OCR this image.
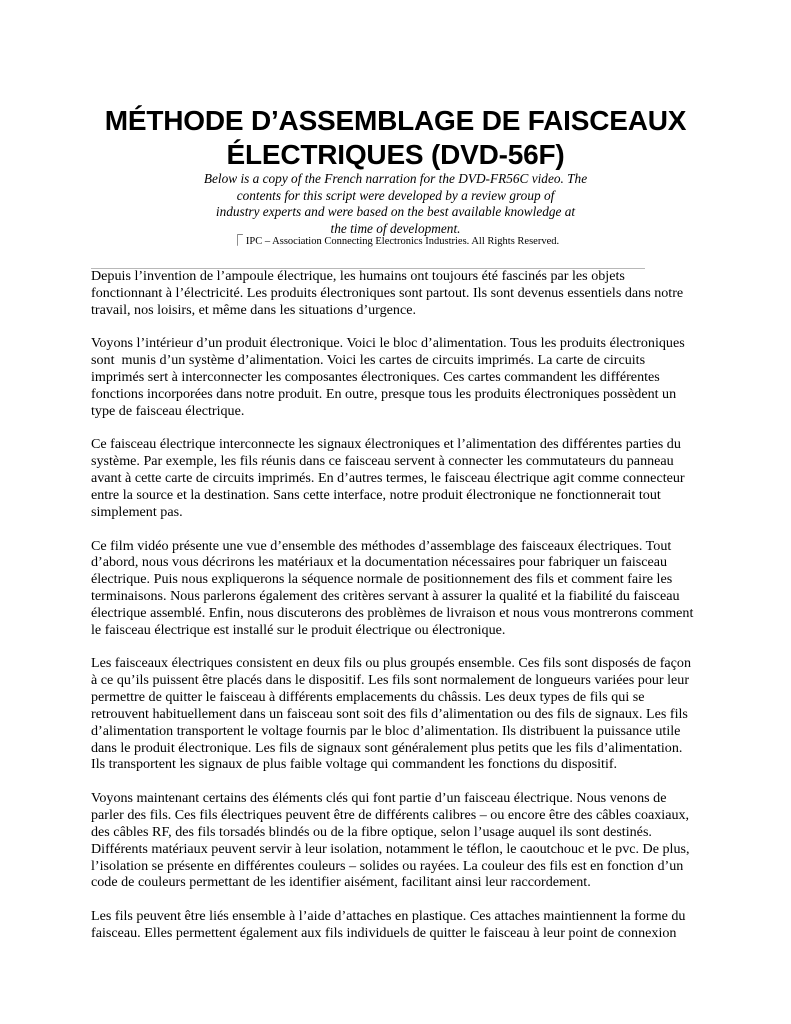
MÉTHODE D’ASSEMBLAGE DE FAISCEAUX
ÉLECTRIQUES (DVD-56F)
Below is a copy of the French narration for the DVD-FR56C video. The
contents for this script were developed by a review group of
industry experts and were based on the best available knowledge at
the time of development.
⎾ IPC – Association Connecting Electronics Industries. All Rights Reserved.
Depuis l’invention de l’ampoule électrique, les humains ont toujours été fascinés par les objets
fonctionnant à l’électricité. Les produits électroniques sont partout. Ils sont devenus essentiels dans notre
travail, nos loisirs, et même dans les situations d’urgence.
Voyons l’intérieur d’un produit électronique. Voici le bloc d’alimentation. Tous les produits électroniques
sont  munis d’un système d’alimentation. Voici les cartes de circuits imprimés. La carte de circuits
imprimés sert à interconnecter les composantes électroniques. Ces cartes commandent les différentes
fonctions incorporées dans notre produit. En outre, presque tous les produits électroniques possèdent un
type de faisceau électrique.
Ce faisceau électrique interconnecte les signaux électroniques et l’alimentation des différentes parties du
système. Par exemple, les fils réunis dans ce faisceau servent à connecter les commutateurs du panneau
avant à cette carte de circuits imprimés. En d’autres termes, le faisceau électrique agit comme connecteur
entre la source et la destination. Sans cette interface, notre produit électronique ne fonctionnerait tout
simplement pas.
Ce film vidéo présente une vue d’ensemble des méthodes d’assemblage des faisceaux électriques. Tout
d’abord, nous vous décrirons les matériaux et la documentation nécessaires pour fabriquer un faisceau
électrique. Puis nous expliquerons la séquence normale de positionnement des fils et comment faire les
terminaisons. Nous parlerons également des critères servant à assurer la qualité et la fiabilité du faisceau
électrique assemblé. Enfin, nous discuterons des problèmes de livraison et nous vous montrerons comment
le faisceau électrique est installé sur le produit électrique ou électronique.
Les faisceaux électriques consistent en deux fils ou plus groupés ensemble. Ces fils sont disposés de façon
à ce qu’ils puissent être placés dans le dispositif. Les fils sont normalement de longueurs variées pour leur
permettre de quitter le faisceau à différents emplacements du châssis. Les deux types de fils qui se
retrouvent habituellement dans un faisceau sont soit des fils d’alimentation ou des fils de signaux. Les fils
d’alimentation transportent le voltage fournis par le bloc d’alimentation. Ils distribuent la puissance utile
dans le produit électronique. Les fils de signaux sont généralement plus petits que les fils d’alimentation.
Ils transportent les signaux de plus faible voltage qui commandent les fonctions du dispositif.
Voyons maintenant certains des éléments clés qui font partie d’un faisceau électrique. Nous venons de
parler des fils. Ces fils électriques peuvent être de différents calibres – ou encore être des câbles coaxiaux,
des câbles RF, des fils torsadés blindés ou de la fibre optique, selon l’usage auquel ils sont destinés.
Différents matériaux peuvent servir à leur isolation, notamment le téflon, le caoutchouc et le pvc. De plus,
l’isolation se présente en différentes couleurs – solides ou rayées. La couleur des fils est en fonction d’un
code de couleurs permettant de les identifier aisément, facilitant ainsi leur raccordement.
Les fils peuvent être liés ensemble à l’aide d’attaches en plastique. Ces attaches maintiennent la forme du
faisceau. Elles permettent également aux fils individuels de quitter le faisceau à leur point de connexion
